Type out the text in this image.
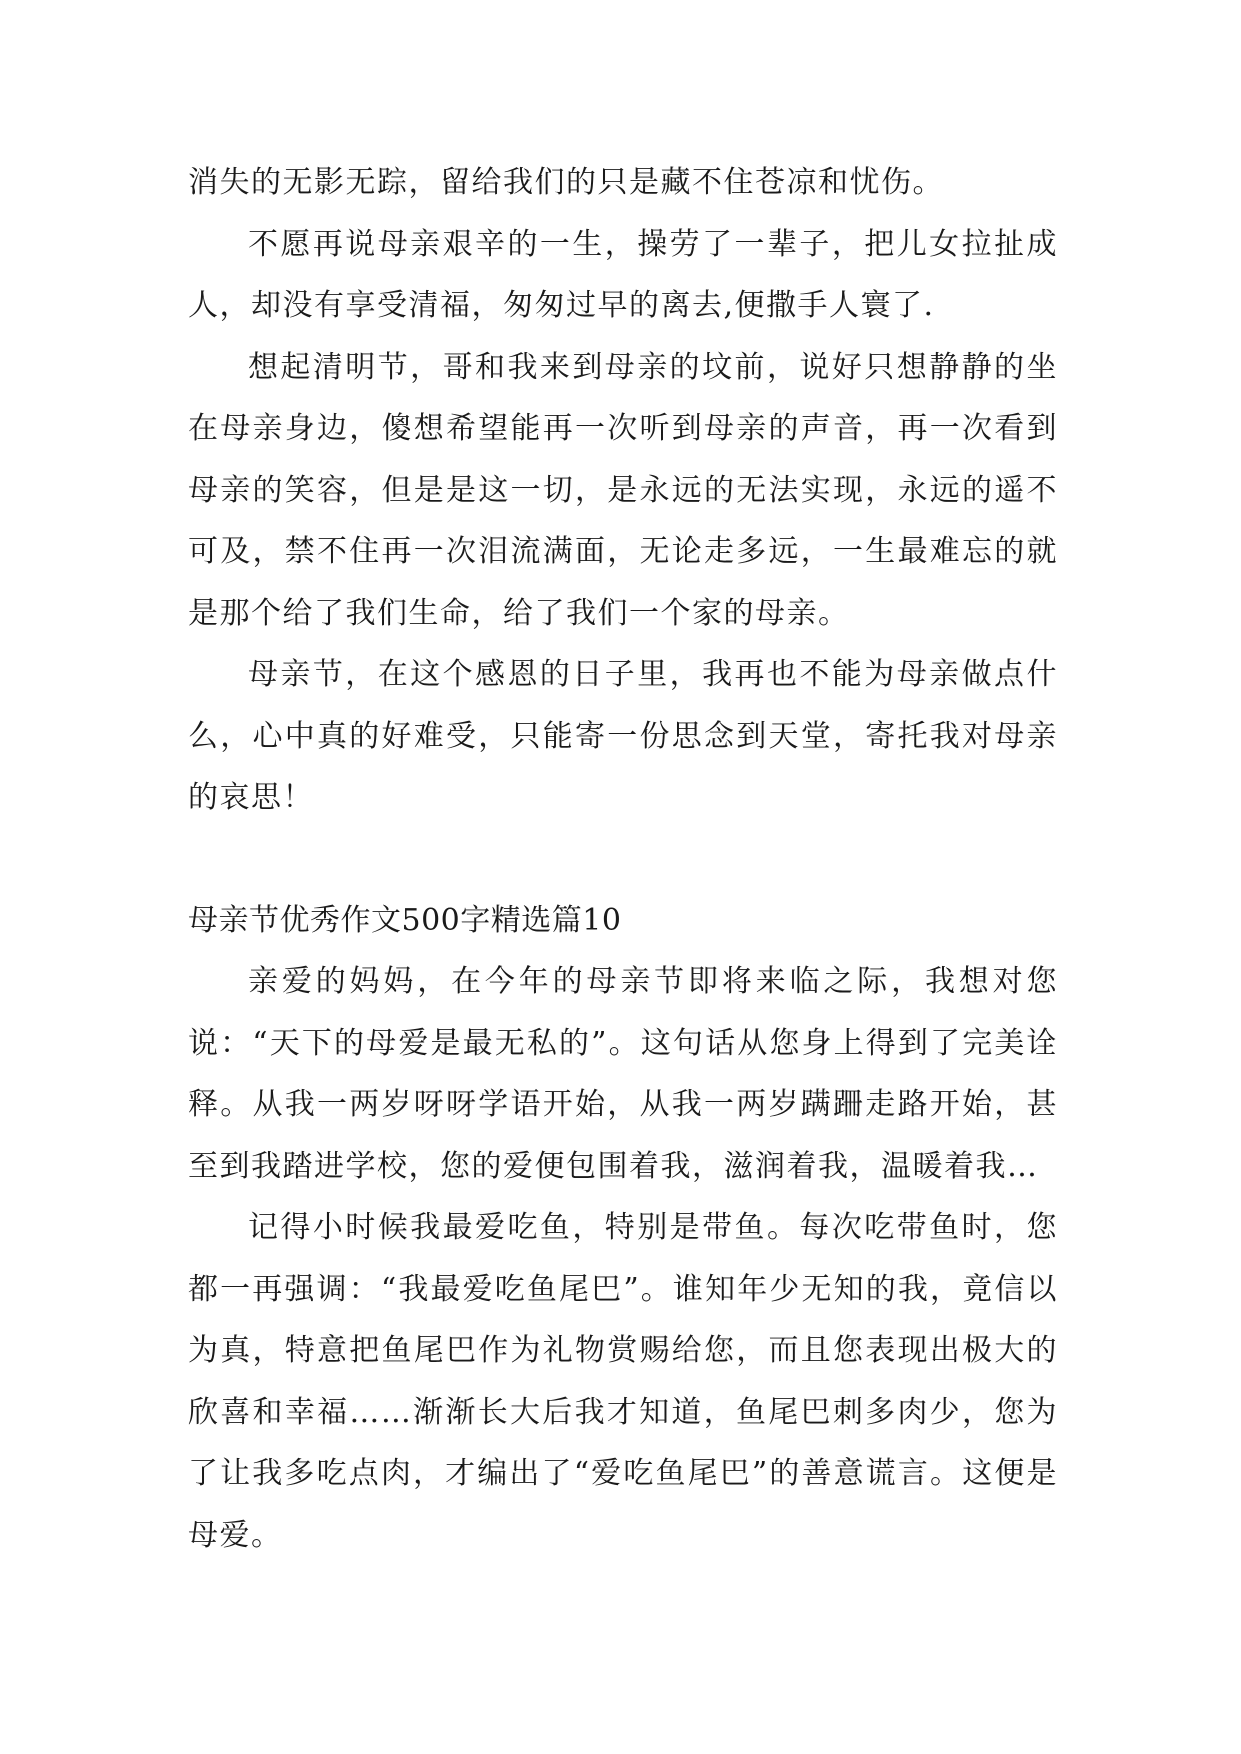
消失的无影无踪，留给我们的只是藏不住苍凉和忧伤。

不愿再说母亲艰辛的一生，操劳了一辈子，把儿女拉扯成人，却没有享受清福，匆匆过早的离去,便撒手人寰了.

想起清明节，哥和我来到母亲的坟前，说好只想静静的坐在母亲身边，傻想希望能再一次听到母亲的声音，再一次看到母亲的笑容，但是是这一切，是永远的无法实现，永远的遥不可及，禁不住再一次泪流满面，无论走多远，一生最难忘的就是那个给了我们生命，给了我们一个家的母亲。

母亲节，在这个感恩的日子里，我再也不能为母亲做点什么，心中真的好难受，只能寄一份思念到天堂，寄托我对母亲的哀思！

母亲节优秀作文500字精选篇10

亲爱的妈妈，在今年的母亲节即将来临之际，我想对您说：“天下的母爱是最无私的”。这句话从您身上得到了完美诠释。从我一两岁呀呀学语开始，从我一两岁蹒跚走路开始，甚至到我踏进学校，您的爱便包围着我，滋润着我，温暖着我…

记得小时候我最爱吃鱼，特别是带鱼。每次吃带鱼时，您都一再强调：“我最爱吃鱼尾巴”。谁知年少无知的我，竟信以为真，特意把鱼尾巴作为礼物赏赐给您，而且您表现出极大的欣喜和幸福……渐渐长大后我才知道，鱼尾巴刺多肉少，您为了让我多吃点肉，才编出了“爱吃鱼尾巴”的善意谎言。这便是母爱。
